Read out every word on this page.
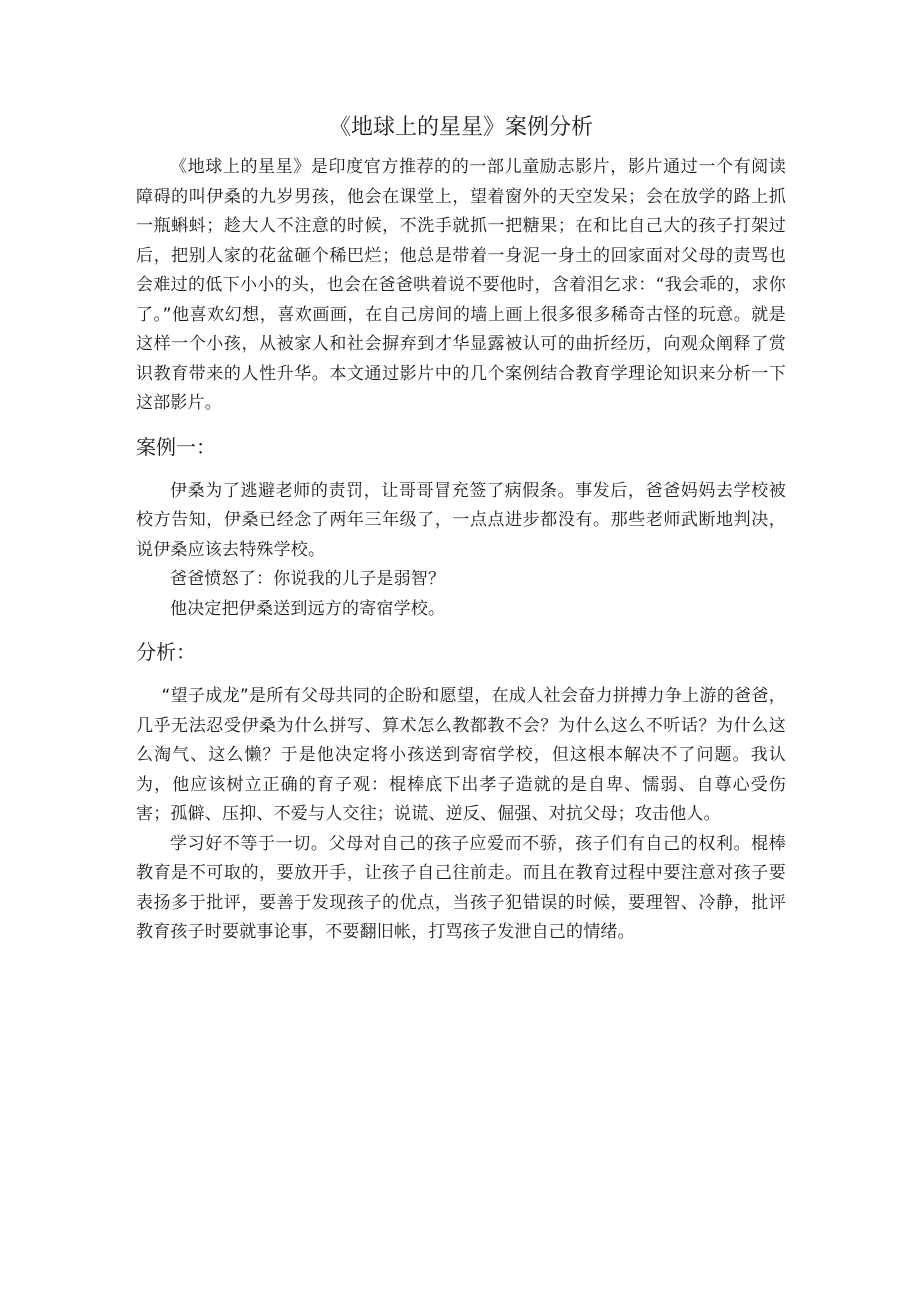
《地球上的星星》案例分析

《地球上的星星》是印度官方推荐的的一部儿童励志影片，影片通过一个有阅读障碍的叫伊桑的九岁男孩，他会在课堂上，望着窗外的天空发呆；会在放学的路上抓一瓶蝌蚪；趁大人不注意的时候，不洗手就抓一把糖果；在和比自己大的孩子打架过后，把别人家的花盆砸个稀巴烂；他总是带着一身泥一身土的回家面对父母的责骂也会难过的低下小小的头，也会在爸爸哄着说不要他时，含着泪乞求：“我会乖的，求你了。”他喜欢幻想，喜欢画画，在自己房间的墙上画上很多很多稀奇古怪的玩意。就是这样一个小孩，从被家人和社会摒弃到才华显露被认可的曲折经历，向观众阐释了赏识教育带来的人性升华。本文通过影片中的几个案例结合教育学理论知识来分析一下这部影片。

案例一：

伊桑为了逃避老师的责罚，让哥哥冒充签了病假条。事发后，爸爸妈妈去学校被校方告知，伊桑已经念了两年三年级了，一点点进步都没有。那些老师武断地判决，说伊桑应该去特殊学校。

爸爸愤怒了：你说我的儿子是弱智？

他决定把伊桑送到远方的寄宿学校。

分析：

“望子成龙”是所有父母共同的企盼和愿望，在成人社会奋力拼搏力争上游的爸爸，几乎无法忍受伊桑为什么拼写、算术怎么教都教不会？为什么这么不听话？为什么这么淘气、这么懒？于是他决定将小孩送到寄宿学校，但这根本解决不了问题。我认为，他应该树立正确的育子观：棍棒底下出孝子造就的是自卑、懦弱、自尊心受伤害；孤僻、压抑、不爱与人交往；说谎、逆反、倔强、对抗父母；攻击他人。

学习好不等于一切。父母对自己的孩子应爱而不骄，孩子们有自己的权利。棍棒教育是不可取的，要放开手，让孩子自己往前走。而且在教育过程中要注意对孩子要表扬多于批评，要善于发现孩子的优点，当孩子犯错误的时候，要理智、冷静，批评教育孩子时要就事论事，不要翻旧帐，打骂孩子发泄自己的情绪。
